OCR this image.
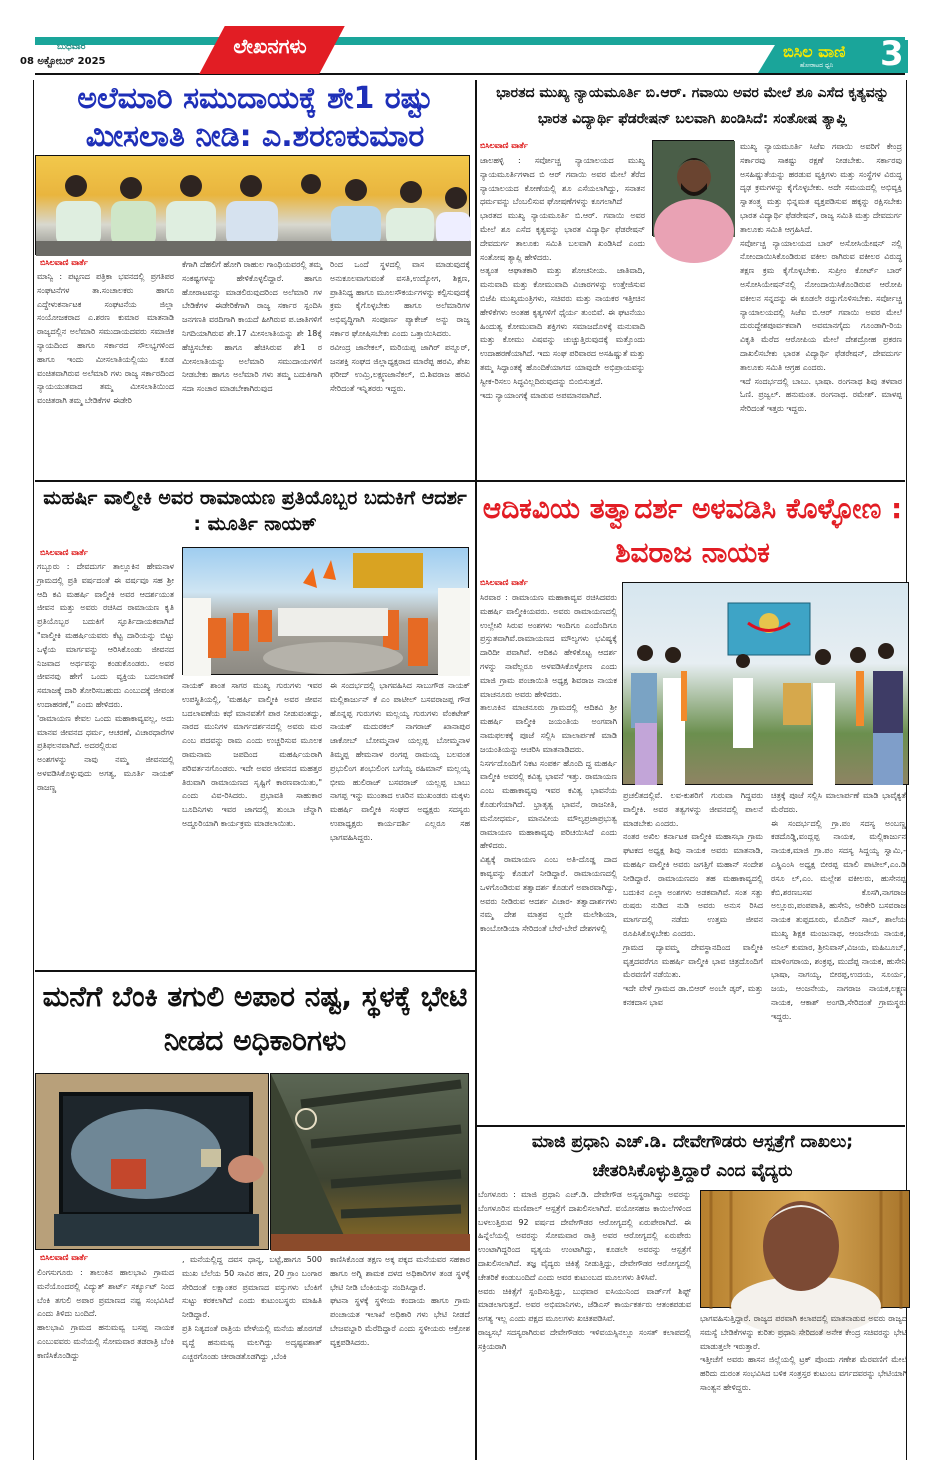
ಬುಧವಾರ
08 ಅಕ್ಟೋಬರ್ 2025
ಲೇಖನಗಳು	ಬಿಸಿಲ ವಾಣಿ
ಹೋರಾಟದ ಧ್ವನಿ 3
ಅಲೆಮಾರಿ ಸಮುದಾಯಕ್ಕೆ ಶೇ1 ರಷ್ಟು ಮೀಸಲಾತಿ ನೀಡಿ: ಎ.ಶರಣಕುಮಾರ
ಬಿಸಿಲವಾಣಿ ವಾರ್ತೆ
ಮಾನ್ವಿ : ಪಟ್ಟಣದ ಪತ್ರಿಕಾ ಭವನದಲ್ಲಿ ಪ್ರಗತಿಪರ ಸಂಘಟನೆಗಳ ತಾ.ಸಂಚಾಲಕರು ಹಾಗೂ ಎದ್ದೇಳುಕರ್ನಾಟಕ ಸಂಘಟನೆಯ ಜಿಲ್ಲಾ ಸಂಯೋಜಕರಾದ ಎ.ಶರಣ ಕುಮಾರ ಮಾತನಾಡಿ ರಾಜ್ಯದಲ್ಲಿನ ಅಲೆಮಾರಿ ಸಮುದಾಯದವರು ಸಮಾಜಿಕ ನ್ಯಾಯದಿಂದ ಹಾಗೂ ಸರ್ಕಾರದ ಸೌಲಭ್ಯಗಳಿಂದ ಹಾಗೂ ಇಂದು ಮೀಸಲಾತಿಯಲ್ಲಿಯು ಕೂಡ ವಂಚಿತವಾಗಿರುವ ಅಲೆಮಾರಿ ಗಳು ರಾಜ್ಯ ಸರ್ಕಾರದಿಂದ ನ್ಯಾಯಯುತವಾದ ತಮ್ಮ ಮೀಸಲಾತಿಯಿಂದ ವಂಚಿತರಾಗಿ ತಮ್ಮ ಬೇಡಿಕೆಗಳ ಈಡೇರಿ
ಕೆಗಾಗಿ ದೆಹಲಿಗೆ ಹೋಗಿ ರಾಹುಲ ಗಾಂಧಿಯವರಲ್ಲಿ ತಮ್ಮ ಸಂಕಷ್ಟಗಳನ್ನು ಹೇಳಿಕೊಳ್ಳಲಿದ್ದಾರೆ. ಹಾಗೂ ಹೋರಾಟವನ್ನು ಮಾಡಲಿರುವುದರಿಂದ ಅಲೆಮಾರಿ ಗಳ ಬೇಡಿಕೆಗಳ ಈಡೇರಿಕೆಗಾಗಿ ರಾಜ್ಯ ಸರ್ಕಾರ ಸ್ಪಂದಿಸಿ ಜನಗಣತಿ ವರದಿಗಾಗಿ ಕಾಯದೆ ಹೀಗಿರುವ ಪ.ಜಾತಿಗಳಿಗೆ ನಿಗದಿಯಾಗಿರುವ ಶೇ.17 ಮೀಸಲಾತಿಯನ್ನು ಶೇ 18ಕ್ಕೆ ಹೆಚ್ಚಿಸಬೇಕು ಹಾಗೂ ಹೆಚಿಸಿರುವ ಶೇ1 ರ ಮೀಸಲಾತಿಯನ್ನು ಅಲೆಮಾರಿ ಸಮುದಾಯಗಳಿಗೆ ನೀಡಬೇಕು ಹಾಗೂ ಅಲೆಮಾರಿ ಗಳು ತಮ್ಮ ಬದುಕಿಗಾಗಿ ಸದಾ ಸಂಚಾರ ಮಾಡಬೇಕಾಗಿರುವುದ
ರಿಂದ ಒಂದೆ ಸ್ಥಳದಲ್ಲಿ ವಾಸ ಮಾಡುವುದಕ್ಕೆ ಅನುಕೂಲವಾಗುವಂತೆ ವಸತಿ,ಉದ್ಯೋಗ, ಶಿಕ್ಷಣ, ಪ್ರಾತಿನಿಧ್ಯ ಹಾಗೂ ಮೂಲಸೌಕರ್ಯಗಳನ್ನು ಕಲ್ಪಿಸುವುದಕ್ಕೆ ಕ್ರಮ ಕೈಗೊಳ್ಳಬೇಕು ಹಾಗೂ ಅಲೆಮಾರಿಗಳ ಅಭಿವೃದ್ಧಿಗಾಗಿ ಸಂಪೂರ್ಣ ಪ್ಯಾಕೇಜ್ ಅನ್ನು ರಾಜ್ಯ ಸರ್ಕಾರ ಘೋಷಿಸಬೇಕು ಎಂದು ಒತ್ತಾಯಿಸಿದರು.
ರವೀಂದ್ರ ಜಾನೇಕಲ್, ಮರಿಯಪ್ಪ ಜಾಗಿರ್ ಪನ್ನೂರ್, ಜನಶಕ್ತಿ ಸಂಘದ ಜಿಲ್ಲಾಧ್ಯಕ್ಷರಾದ ಮಾರೆಪ್ಪ ಹರವಿ, ಶೇಖ ಫರೀದ್ ಉಮ್ರಿ,ಲಕ್ಷ್ಮಣಜಾನೆಕಲ್, ಬಿ.ಶಿವರಾಜ ಹರವಿ ಸೇರಿದಂತೆ ಇನ್ನಿತರರು ಇದ್ದರು.
ಭಾರತದ ಮುಖ್ಯ ನ್ಯಾಯಮೂರ್ತಿ ಬಿ.ಆರ್. ಗವಾಯಿ ಅವರ ಮೇಲೆ ಶೂ ಎಸೆದ ಕೃತ್ಯವನ್ನು ಭಾರತ ವಿದ್ಯಾರ್ಥಿ ಫೆಡರೇಷನ್ ಬಲವಾಗಿ ಖಂಡಿಸಿದೆ: ಸಂತೋಷ ತ್ಯಾಪ್ಲಿ
ಬಿಸಿಲವಾಣಿ ವಾರ್ತೆ
ಜಾಲಹಳ್ಳಿ : ಸರ್ವೋಚ್ಚ ನ್ಯಾಯಾಲಯದ ಮುಖ್ಯ ನ್ಯಾಯಮೂರ್ತಿಗಳಾದ ಬಿ ಆರ್ ಗವಾಯಿ ಅವರ ಮೇಲೆ ತೆರೆದ ನ್ಯಾಯಾಲಯದ ಕೋಣೆಯಲ್ಲಿ ಶೂ ಎಸೆಯಲಾಗಿದ್ದು, ಸನಾತನ ಧರ್ಮವನ್ನು ಬೆಂಬಲಿಸುವ ಘೋಷಣೆಗಳನ್ನು ಕೂಗಲಾಗಿದೆ
ಭಾರತದ ಮುಖ್ಯ ನ್ಯಾಯಮೂರ್ತಿ ಬಿ.ಆರ್. ಗವಾಯಿ ಅವರ ಮೇಲೆ ಶೂ ಎಸೆದ ಕೃತ್ಯವನ್ನು ಭಾರತ ವಿದ್ಯಾರ್ಥಿ ಫೆಡರೇಷನ್ ದೇವದುರ್ಗ ತಾಲೂಕು ಸಮಿತಿ ಬಲವಾಗಿ ಖಂಡಿಸಿದೆ ಎಂದು ಸಂತೋಷ ತ್ಯಾಪ್ಲಿ ಹೇಳಿದರು.
ಅತ್ಯಂತ ಆಘಾತಕಾರಿ ಮತ್ತು ಶೋಚನೀಯ. ಜಾತಿವಾದಿ, ಮನುವಾದಿ ಮತ್ತು ಕೋಮುವಾದಿ ವಿಚಾರಗಳನ್ನು ಉತ್ತೇಜಿಸುವ ಬಿಜೆಪಿ ಮುಖ್ಯಮಂತ್ರಿಗಳು, ಸಚಿವರು ಮತ್ತು ನಾಯಕರ ಇತ್ತೀಚಿನ ಹೇಳಿಕೆಗಳು ಅಂತಹ ಕೃತ್ಯಗಳಿಗೆ ಧೈರ್ಯ ತುಂಬಿವೆ. ಈ ಘಟನೆಯು ಹಿಂದುತ್ವ ಕೋಮುವಾದಿ ಶಕ್ತಿಗಳು ಸಮಾಜದೊಳಕ್ಕೆ ಮನುವಾದಿ ಮತ್ತು ಕೋಮು ವಿಷವನ್ನು ಚುಚ್ಚುತ್ತಿರುವುದಕ್ಕೆ ಮತ್ತೊಂದು ಉದಾಹರಣೆಯಾಗಿದೆ. ಇದು ಸಂಘ ಪರಿವಾರದ ಅಸಹಿಷ್ಣುತೆ ಮತ್ತು ತಮ್ಮ ಸಿದ್ಧಾಂತಕ್ಕೆ ಹೊಂದಿಕೆಯಾಗದ ಯಾವುದೇ ಅಭಿಪ್ರಾಯವನ್ನು ಸ್ವೀಕ-ರಿಸಲು ಸಿದ್ಧವಿಲ್ಲದಿರುವುದನ್ನು ಬಿಂಬಿಸುತ್ತದೆ.
ಇದು ನ್ಯಾಯಾಂಗಕ್ಕೆ ಮಾಡುವ ಅಪಮಾನವಾಗಿದೆ.
ಮುಖ್ಯ ನ್ಯಾಯಮೂರ್ತಿ ಸಿಜೆಐ ಗವಾಯಿ ಅವರಿಗೆ ಕೇಂದ್ರ ಸರ್ಕಾರವು ಸಾಕಷ್ಟು ರಕ್ಷಣೆ ನೀಡಬೇಕು. ಸರ್ಕಾರವು ಅಸಹಿಷ್ಣುತೆಯನ್ನು ಹರಡುವ ವ್ಯಕ್ತಿಗಳು ಮತ್ತು ಸಂಸ್ಥೆಗಳ ವಿರುದ್ಧ ದೃಢ ಕ್ರಮಗಳನ್ನು ಕೈಗೊಳ್ಳಬೇಕು. ಅದೇ ಸಮಯದಲ್ಲಿ ಅಭಿವ್ಯಕ್ತಿ ಸ್ವಾತಂತ್ರ್ಯ ಮತ್ತು ಭಿನ್ನಮತ ವ್ಯಕ್ತಪಡಿಸುವ ಹಕ್ಕನ್ನು ರಕ್ಷಿಸಬೇಕು ಭಾರತ ವಿದ್ಯಾರ್ಥಿ ಫೆಡರೇಷನ್, ರಾಜ್ಯ ಸಮಿತಿ ಮತ್ತು ದೇವದುರ್ಗ ತಾಲೂಕು ಸಮಿತಿ ಆಗ್ರಹಿಸಿದೆ.
ಸರ್ವೋಚ್ಚ ನ್ಯಾಯಾಲಯದ ಬಾರ್ ಅಸೋಸಿಯೇಷನ್ ನಲ್ಲಿ ನೋಂದಾಯಿಸಿಕೊಂಡಿರುವ ವಕೀಲ ರಾಗಿರುವ ವಕೀಲರ ವಿರುದ್ಧ ತಕ್ಷಣ ಕ್ರಮ ಕೈಗೊಳ್ಳಬೇಕು. ಸುಪ್ರೀಂ ಕೋರ್ಟ್ ಬಾರ್ ಅಸೋಸಿಯೇಷನ್‌ನಲ್ಲಿ ನೋಂದಾಯಿಸಿಕೊಂಡಿರುವ ಆರೋಪಿ ವಕೀಲನ ಸನ್ನದನ್ನು ಈ ಕೂಡಲೇ ರದ್ದುಗೊಳಿಸಬೇಕು. ಸರ್ವೋಚ್ಚ ನ್ಯಾಯಾಲಯದಲ್ಲಿ ಸಿಜೆಐ ಬಿ.ಆರ್ ಗವಾಯಿ ಅವರ ಮೇಲೆ ದುರುದ್ದೇಶಪೂರ್ವಕವಾಗಿ ಅವಮಾನಗೈದು ಗೂಂಡಾಗಿ-ರಿಯ ವಿಕೃತಿ ಮೆರೆದ ಆರೋಪಿಯ ಮೇಲೆ ದೇಶದ್ರೋಹ ಪ್ರಕರಣ ದಾಖಲಿಸಬೇಕು ಭಾರತ ವಿದ್ಯಾರ್ಥಿ ಫೆಡರೇಷನ್, ದೇವದುರ್ಗ ತಾಲೂಕು ಸಮಿತಿ ಆಗ್ರಹ ಎಂದರು.
ಇದೆ ಸಂದರ್ಭದಲ್ಲಿ ಬಾಬು. ಭಾಷಾ. ರಂಗನಾಥ ಶಿವು ತಳವಾರ ಓಣಿ. ಪ್ರಜ್ವಲ್. ಹನುಮಂತ. ರಂಗನಾಥ. ರಮೇಶ್. ಮಾಳಪ್ಪ ಸೇರಿದಂತೆ ಇತ್ತರು ಇದ್ದರು.
ಮಹರ್ಷಿ ವಾಲ್ಮೀಕಿ ಅವರ ರಾಮಾಯಣ ಪ್ರತಿಯೊಬ್ಬರ ಬದುಕಿಗೆ ಆದರ್ಶ : ಮೂರ್ತಿ ನಾಯಕ್
ಬಿಸಿಲವಾಣಿ ವಾರ್ತೆ
ಗಬ್ಬೂರು : ದೇವದುರ್ಗ ತಾಲ್ಲೂಕಿನ ಹೇಮನಾಳ ಗ್ರಾಮದಲ್ಲಿ ಪ್ರತಿ ವರ್ಷದಂತೆ ಈ ವರ್ಷವೂ ಸಹ ಶ್ರೀ ಆದಿ ಕವಿ ಮಹರ್ಷಿ ವಾಲ್ಮೀಕಿ ಅವರ ಆದರ್ಶಯುತ ಜೀವನ ಮತ್ತು ಅವರು ರಚಿಸಿದ ರಾಮಾಯಣ ಕೃತಿ ಪ್ರತಿಯೊಬ್ಬರ ಬದುಕಿಗೆ ಸ್ಫೂರ್ತಿದಾಯಕವಾಗಿದೆ "ವಾಲ್ಮೀಕಿ ಮಹರ್ಷಿಯವರು ಕೆಟ್ಟ ದಾರಿಯನ್ನು ಬಿಟ್ಟು ಒಳ್ಳೆಯ ಮಾರ್ಗವನ್ನು ಆರಿಸಿಕೊಂಡು ಜೀವನದ ನಿಜವಾದ ಅರ್ಥವನ್ನು ಕಂಡುಕೊಂಡರು. ಅವರ ಜೀವನವು ಹೇಗೆ ಒಂದು ವ್ಯಕ್ತಿಯ ಬದಲಾವಣೆ ಸಮಾಜಕ್ಕೆ ದಾರಿ ತೋರಿಸಬಹುದು ಎಂಬುದಕ್ಕೆ ಜೀವಂತ ಉದಾಹರಣೆ," ಎಂದು ಹೇಳಿದರು.
'ರಾಮಾಯಣ ಕೇವಲ ಒಂದು ಮಹಾಕಾವ್ಯವಲ್ಲ, ಅದು ಮಾನವ ಜೀವನದ ಧರ್ಮ, ಆಚರಣೆ, ವಿಚಾರಧಾರೆಗಳ ಪ್ರತಿಫಲನವಾಗಿದೆ. ಅದರಲ್ಲಿರುವ
ಅಂಶಗಳನ್ನು ನಾವು ನಮ್ಮ ಜೀವನದಲ್ಲಿ ಅಳವಡಿಸಿಕೊಳ್ಳುವುದು ಅಗತ್ಯ, ಮೂರ್ತಿ ನಾಯಕ್ ರಾಜಣ್ಣ
ನಾಯಕ್ ಶಾಂತ ಸಾಗರ ಮುಖ್ಯ ಗುರುಗಳು ಇವರ ಉಪಸ್ಥಿತಿಯಲ್ಲಿ, 'ಮಹರ್ಷಿ ವಾಲ್ಮೀಕಿ ಅವರ ಜೀವನ ಬದಲಾವಣೆಯ ಕಥೆ ಮಾನವತೆಗೆ ಪಾಠ ನೀಡುವಂತದ್ದು, ನಾರದ ಮುನಿಗಳ ಮಾರ್ಗದರ್ಶನದಲ್ಲಿ ಅವರು ಮರ ಎಂಬ ಪದವನ್ನು ರಾಮ ಎಂದು ಉಚ್ಚರಿಸುವ ಮೂಲಕ ರಾಮನಾಮ ಜಪದಿಂದ ಮಹರ್ಷಿಯರಾಗಿ ಪರಿವರ್ತನಗೊಂಡರು. ಇದೇ ಅವರ ಜೀವನದ ಮಹತ್ತರ ತಿರುವಾಗಿ ರಾಮಾಯಣದ ಸೃಷ್ಟಿಗೆ ಕಾರಣವಾಯಿತು," ಎಂದು ವಿವ-ರಿಸಿದರು. ಪ್ರಭಾವತಿ ಸಾಹುಕಾರ ಬೂದಿನಿಗಳು ಇವರ ಜಾಗದಲ್ಲಿ ತುಂಬಾ ಚೆನ್ನಾಗಿ ಅದ್ದೂರಿಯಾಗಿ ಕಾರ್ಯಕ್ರಮ ಮಾಡಲಾಯಿತು.
ಈ ಸಂದರ್ಭದಲ್ಲಿ ಭಾಗವಹಿಸಿದ ಸಾಬುಗೌಡ ನಾಯಕ್ ಮಲ್ಲಿಕಾರ್ಜುನ್ ಕೆ ಎಂ ಪಾಟೀಲ್ ಬಸವರಾಜಪ್ಪ ಗೌಡ ಹೊನ್ನಪ್ಪ ಗುರುಗಳು ಮಲ್ಲಯ್ಯ ಗುರುಗಳು ವೆಂಕಟೇಶ್ ನಾಯಕ್ ಮದುರಕಲ್ ನಾಗರಾಜ್ ಖಾನಾಪುರ ಜಾಕೋಬ್ ಬೋಮ್ಮನಾಳ ಯಲ್ಲಪ್ಪ ಬೋಮ್ಮನಾಳ ತಿಮ್ಮಪ್ಪ ಹೇಮನಾಳ ರಂಗಪ್ಪ ರಾಮಯ್ಯ ಬಲವಂತ ಪ್ರಭುಲಿಂಗ ಶಂಭುಲಿಂಗ ಬಗೆಯ್ಯ ರಹಿಮಾನ್ ಮಲ್ಲಯ್ಯ ಭೀಮ ಹುಲಿರಾಜ್ ಬಸವರಾಜ್ ಯಲ್ಲಪ್ಪ ಬಾಬು ನಾಗಪ್ಪ ಇನ್ನು ಮುಂತಾದ ಊರಿನ ಮುಖಂಡರು ಮಕ್ಕಳು ಮಹರ್ಷಿ ವಾಲ್ಮೀಕಿ ಸಂಘದ ಅಧ್ಯಕ್ಷರು ಸದಸ್ಯರು ಉಪಾಧ್ಯಕ್ಷರು ಕಾರ್ಯದರ್ಶಿ ಎಲ್ಲರೂ ಸಹ ಭಾಗವಹಿಸಿದ್ದರು.
ಆದಿಕವಿಯ ತತ್ವಾದರ್ಶ ಅಳವಡಿಸಿ ಕೊಳ್ಳೋಣ : ಶಿವರಾಜ ನಾಯಕ
ಬಿಸಿಲವಾಣಿ ವಾರ್ತೆ
ಸಿರವಾರ : ರಾಮಾಯಣ ಮಹಾಕಾವ್ಯವ ರಚಿಸಿದವರು ಮಹರ್ಷಿ ವಾಲ್ಮೀಕಿಯವರು. ಅವರು ರಾಮಾಯಣದಲ್ಲಿ ಉಲ್ಲೇಖಿ ಸಿರುವ ಅಂಶಗಳು ಇಂದಿಗೂ ಎಂದೆಂದಿಗೂ ಪ್ರಸ್ತುತವಾಗಿವೆ.ರಾಮಾಯಣದ ಮೌಲ್ಯಗಳು ಭವಿಷ್ಯಕ್ಕೆ ದಾರಿದೀ ಪವಾಗಿವೆ. ಆದಿಕವಿ ಹೇಳಿಕೊಟ್ಟ ಆದರ್ಶ ಗಳನ್ನು ನಾವೆಲ್ಲರೂ ಅಳವಡಿಸಿಕೊಳ್ಳೋಣ ಎಂದು ಮಾಜಿ ಗ್ರಾಮ ಪಂಚಾಯಿತಿ ಅಧ್ಯಕ್ಷ ಶಿವರಾಜ ನಾಯಕ ಮಾಚನೂರು ಅವರು ಹೇಳಿದರು.
ತಾಲೂಕಿನ ಮಾಚನೂರು ಗ್ರಾಮದಲ್ಲಿ ಆದಿಕವಿ ಶ್ರೀ ಮಹರ್ಷಿ ವಾಲ್ಮೀಕಿ ಜಯಂತಿಯ ಅಂಗವಾಗಿ ನಾಮಫಲಕಕ್ಕೆ ಪೂಜೆ ಸಲ್ಲಿಸಿ ಮಾಲಾರ್ಪಣೆ ಮಾಡಿ ಜಯಂತಿಯನ್ನು ಆಚರಿಸಿ ಮಾತನಾಡಿದರು.
ನಿಸರ್ಗದೊಂದಿಗೆ ನಿಕಟ ಸಂಪರ್ಕ ಹೊಂದಿ ದ್ದ ಮಹರ್ಷಿ ವಾಲ್ಮೀಕಿ ಅವರಲ್ಲಿ ಕವಿತ್ವ ಭಾವನೆ ಇತ್ತು. ರಾಮಾಯಣ ಎಂಬ ಮಹಾಕಾವ್ಯವು ಇವರ ಕವಿತ್ವ ಭಾವನೆಯ ಕೊಡುಗೆಯಾಗಿದೆ. ಭ್ರಾತೃತ್ವ ಭಾವನೆ, ರಾಜನೀತಿ, ಮನೋಧರ್ಮ, ಮಾನವೀಯ ಮೌಲ್ಯಪ್ರಜಾಪ್ರಭುತ್ವ ರಾಮಾಯಣ ಮಹಾಕಾವ್ಯವು ಪರಿಚಯಿಸಿದೆ ಎಂದು ಹೇಳಿದರು.
ವಿಶ್ವಕ್ಕೆ ರಾಮಾಯಣ ಎಂಬ ಅತಿ-ದೊಡ್ಡ ದಾದ ಕಾವ್ಯವನ್ನು ಕೊಡುಗೆ ನೀಡಿದ್ದಾರೆ. ರಾಮಾಯಣದಲ್ಲಿ ಒಳಗೊಂಡಿರುವ ತತ್ವಾದರ್ಶ ಕೊಡುಗೆ ಅಪಾರವಾಗಿದ್ದು, ಅವರು ನೀಡಿರುವ ಆದರ್ಶ ವಿಚಾರ- ತತ್ವಾದಾರ್ಶಗಳು ನಮ್ಮ ದೇಶ ಮಾತ್ರವ ಲ್ಲದೇ ಮಲೇಶಿಯಾ, ಕಾಂಬೋಡಿಯಾ ಸೇರಿದಂತೆ ಬೇರೆ-ಬೇರೆ ದೇಶಗಳಲ್ಲಿ
ಪ್ರಚಲಿತದಲ್ಲಿವೆ. ಲವ-ಕುಶರಿಗೆ ಗುರುವಾ ಗಿದ್ದವರು ವಾಲ್ಮೀಕಿ. ಅವರ ತತ್ವಗಳನ್ನು ಜೀವನದಲ್ಲಿ ಪಾಲನೆ ಮಾಡಬೇಕು ಎಂದರು.
ನಂತರ ಅಖಿಲ ಕರ್ನಾಟಕ ವಾಲ್ಮೀಕಿ ಮಹಾಸಭಾ ಗ್ರಾಮ ಘಟಕದ ಅಧ್ಯಕ್ಷ ಶಿವು ನಾಯಕ ಅವರು ಮಾತನಾಡಿ, ಮಹರ್ಷಿ ವಾಲ್ಮೀಕಿ ಅವರು ಜಗತ್ತಿಗೆ ಮಹಾನ್ ಸಂದೇಶ ನೀಡಿದ್ದಾರೆ. ರಾಮಾಯಣದಂ ತಹ ಮಹಾಕಾವ್ಯದಲ್ಲಿ ಬದುಕಿನ ಎಲ್ಲಾ ಅಂಶಗಳು ಅಡಕವಾಗಿವೆ. ಸಂತ ಸತ್ಪು ರುಷರು ನುಡಿದ ನುಡಿ ಅವರು ಅನುಸ ರಿಸಿದ ಮಾರ್ಗದಲ್ಲಿ ನಡೆದು ಉತ್ತಮ ಜೀವನ ರೂಪಿಸಿಕೊಳ್ಳಬೇಕು ಎಂದರು.
ಗ್ರಾಮದ ದ್ಯಾವಮ್ಮ ದೇವಸ್ಥಾನದಿಂದ ವಾಲ್ಮೀಕಿ ವೃತ್ತದವರೆಗೂ ಮಹರ್ಷಿ ವಾಲ್ಮೀಕಿ ಭಾವ ಚಿತ್ರದೊಂದಿಗೆ ಮೆರವಣಿಗೆ ನಡೆಯಿತು.
ಇದೇ ವೇಳೆ ಗ್ರಾಮದ ಡಾ.ಬಿಆರ್ ಅಂಬೇ ಡ್ಕರ್, ಮತ್ತು ಕನಕದಾಸ ಭಾವ
ಚಿತ್ರಕ್ಕೆ ಪೂಜೆ ಸಲ್ಲಿಸಿ ಮಾಲಾರ್ಪಣೆ ಮಾಡಿ ಭಾವೈಕ್ಯತೆ ಮೆರೆದರು.
ಈ ಸಂದರ್ಭದಲ್ಲಿ ಗ್ರಾ.ಪಂ ಸದಸ್ಯ ಅಂಬಣ್ಣ ಕಡದೊಡ್ಡಿ,ವಂದ್ಲಪ್ಪ ನಾಯಕ, ಮಲ್ಲಿಕಾರ್ಜುನ ನಾಯಕ,ಮಾಜಿ ಗ್ರಾ.ಪಂ ಸದಸ್ಯ ಸಿದ್ದಯ್ಯ ಸ್ವಾಮಿ,-ಎಸ್ಡಿಎಂಸಿ ಅಧ್ಯಕ್ಷ ಬೀರಪ್ಪ ಮಾಲಿ ಪಾಟೀಲ್,ಎಂ.ಡಿ ರಸೂ ಲ್,ಎಂ. ಮಲ್ಲೇಶ ವಕೀಲರು, ಹುಸೇನಪ್ಪ ಕೆಬಿ,ಶರಣಬಸವ ಕೊಸಗಿ,ನಾಗರಾಜ ಅಲ್ಲೂರು,ಪಂಪಪಾತಿ, ಹುಸೇನಿ, ಅರಿಕೇರಿ ಬಸವರಾಜ ನಾಯಕ ತುಪ್ಪದೂರು, ಮೊದಿನ್ ಸಾಬ್, ಶಾಲೆಯ ಮುಖ್ಯ ಶಿಕ್ಷಕ ಮಂಜುನಾಥ, ಆಂಜನೇಯ ನಾಯಕ, ಅನಿಲ್ ಕುಮಾರ, ಶ್ರೀನಿವಾಸ್,ವಿಜಯ, ಮಹಿಬೂಬ್, ಮಾಳಿಂಗರಾಯ, ಶಂಕ್ರಪ್ಪ, ಮುದೆಪ್ಪ ನಾಯಕ, ಹುಸೇನಿ ಭಾಷಾ, ನಾಗಯ್ಯ, ಬೀರಪ್ಪ,ಉದಯ, ಸೂರ್ಯ, ಜಯ, ಆಂಜನೇಯ, ನಾಗರಾಜ ನಾಯಕ,ಲಕ್ಷ್ಮಣ ನಾಯಕ, ಆಕಾಶ್ ಅಂಗಡಿ,ಸೇರಿದಂತೆ ಗ್ರಾಮಸ್ಥರು ಇದ್ದರು.
ಮನೆಗೆ ಬೆಂಕಿ ತಗುಲಿ ಅಪಾರ ನಷ್ಟ, ಸ್ಥಳಕ್ಕೆ ಭೇಟಿ ನೀಡದ ಅಧಿಕಾರಿಗಳು
ಬಿಸಿಲವಾಣಿ ವಾರ್ತೆ
ಲಿಂಗಸುಗೂರು : ತಾಲುಕಿನ ಹಾಲಭಾವಿ ಗ್ರಾಮದ ಮನೆಯೊಂದರಲ್ಲಿ ವಿದ್ಯುತ್ ಶಾರ್ಟ್ ಸರ್ಕ್ಯೂಟ್ ನಿಂದ ಬೆಂಕಿ ತಗುಲಿ ಅಪಾರ ಪ್ರಮಾಣದ ನಷ್ಟ ಸಂಭವಿಸಿದೆ ಎಂದು ತಿಳಿದು ಬಂದಿದೆ.
ಹಾಲಭಾವಿ ಗ್ರಾಮದ ಹನುಮವ್ವ ಬಸಪ್ಪ ನಾಯಕ ಎಂಬುವವರು ಮನೆಯಲ್ಲಿ ಸೋಮವಾರ ತಡರಾತ್ರಿ ಬೆಂಕಿ ಕಾಣಿಸಿಕೊಂಡಿದ್ದು
, ಮನೆಯಲ್ಲಿದ್ದ ದವಸ ಧಾನ್ಯ, ಬಟ್ಟೆ,ಹಾಗೂ 500 ಮುಖ ಬೆಲೆಯ 50 ಸಾವಿರ ಹಣ, 20 ಗ್ರಾಂ ಬಂಗಾರ ಸೇರಿದಂತೆ ಲಕ್ಷಾಂತರ ಪ್ರಮಾಣದ ವಸ್ತುಗಳು ಬೆಂಕಿಗೆ ಸುಟ್ಟು ಕರಕಲಾಗಿದೆ ಎಂದು ಕುಟುಂಬಸ್ಥರು ಮಾಹಿತಿ ನೀಡಿದ್ದಾರೆ.
ಪ್ರತಿ ನಿತ್ಯದಂತೆ ರಾತ್ರಿಯ ವೇಳೆಯಲ್ಲಿ ಮನೆಯ ಹೊರಗಡೆ ವೃದ್ದೆ ಹನುಮವ್ವ ಮಲಗಿದ್ದು ಅದೃಷ್ಟವಶಾತ್ ಎಚ್ಚರಗೊಂಡು ಚೀರಾಡತೊಡಗಿದ್ದು ,ಬೆಂಕಿ
ಕಾಣಿಸಿಕೊಂಡ ತಕ್ಷಣ ಅಕ್ಕ ಪಕ್ಕದ ಮನೆಯವರ ಸಹಕಾರ ಹಾಗೂ ಅಗ್ನಿ ಶಾಮಕ ದಳದ ಅಧಿಕಾರಿಗಳ ತಂಡ ಸ್ಥಳಕ್ಕೆ ಭೇಟಿ ನೀಡಿ ಬೆಂಕಿಯನ್ನು ನಂದಿಸಿದ್ದಾರೆ.
ಘಟನಾ ಸ್ಥಳಕ್ಕೆ ಸ್ಥಳೀಯ ಕಂದಾಯ ಹಾಗೂ ಗ್ರಾಮ ಪಂಚಾಯತ ಇಲಾಖೆ ಅಧಿಕಾರಿ ಗಳು ಭೇಟಿ ನೀಡದೆ ಬೇಜವಬ್ದಾರಿ ಮೆರೆದಿದ್ದಾರೆ ಎಂದು ಸ್ಥಳೀಯರು ಆಕ್ರೋಶ ವ್ಯಕ್ತಪಡಿಸಿದರು.
ಮಾಜಿ ಪ್ರಧಾನಿ ಎಚ್.ಡಿ. ದೇವೇಗೌಡರು ಆಸ್ಪತ್ರೆಗೆ ದಾಖಲು; ಚೇತರಿಸಿಕೊಳ್ಳುತ್ತಿದ್ದಾರೆ ಎಂದ ವೈದ್ಯರು
ಬೆಂಗಳೂರು : ಮಾಜಿ ಪ್ರಧಾನಿ ಎಚ್.ಡಿ. ದೇವೇಗೌಡ ಅಸ್ವಸ್ಥರಾಗಿದ್ದು ಅವರನ್ನು ಬೆಂಗಳೂರಿನ ಮಣಿಪಾಲ್ ಆಸ್ಪತ್ರೆಗೆ ದಾಖಲಿಸಲಾಗಿದೆ. ವಯೋಸಹಜ ಕಾಯಿಲೆಗಳಿಂದ ಬಳಲುತ್ತಿರುವ 92 ವರ್ಷದ ದೇವೇಗೌಡರ ಆರೋಗ್ಯದಲ್ಲಿ ಏರುಪೇರಾಗಿದೆ. ಈ ಹಿನ್ನೆಲೆಯಲ್ಲಿ ಅವರನ್ನು ಸೋಮವಾರ ರಾತ್ರಿ ಅವರ ಆರೋಗ್ಯದಲ್ಲಿ ಏರುಪೇರು ಉಂಟಾಗಿದ್ದರಿಂದ ವ್ಯತ್ಯಯ ಉಂಟಾಗಿದ್ದು, ಕೂಡಲೇ ಅವರನ್ನು ಆಸ್ಪತ್ರೆಗೆ ದಾಖಲಿಸಲಾಗಿದೆ. ತಜ್ಞ ವೈದ್ಯರು ಚಿಕಿತ್ಸೆ ನೀಡುತ್ತಿದ್ದು, ದೇವೇಗೌಡರ ಆರೋಗ್ಯದಲ್ಲಿ ಚೇತರಿಕೆ ಕಂಡುಬಂದಿದೆ ಎಂದು ಅವರ ಕುಟುಂಬದ ಮೂಲಗಳು ತಿಳಿಸಿವೆ.
ಅವರು ಚಿಕಿತ್ಸೆಗೆ ಸ್ಪಂದಿಸುತ್ತಿದ್ದು, ಬುಧವಾರ ಐಸಿಯುನಿಂದ ವಾರ್ಡ್‌ಗೆ ಶಿಫ್ಟ್ ಮಾಡಲಾಗುತ್ತದೆ. ಅವರ ಅಭಿಮಾನಿಗಳು, ಜೆಡಿಎಸ್ ಕಾರ್ಯಕರ್ತರು ಆತಂಕಪಡುವ ಅಗತ್ಯ ಇಲ್ಲ ಎಂದು ಪಕ್ಷದ ಮೂಲಗಳು ಖಚಿತಪಡಿಸಿವೆ.
ರಾಜ್ಯಸಭೆ ಸದಸ್ಯರಾಗಿರುವ ದೇವೇಗೌಡರು ಇಳಿವಯಸ್ಸಿನಲ್ಲೂ ಸಂಸತ್ ಕಲಾಪದಲ್ಲಿ ಸಕ್ರಿಯರಾಗಿ
ಭಾಗವಹಿಸುತ್ತಿದ್ದಾರೆ. ರಾಜ್ಯದ ಪರವಾಗಿ ಕಲಾಪದಲ್ಲಿ ಮಾತನಾಡುವ ಅವರು ರಾಜ್ಯದ ಸಮಸ್ಯೆ ಬೇಡಿಕೆಗಳನ್ನು ಕುರಿತು ಪ್ರಧಾನಿ ಸೇರಿದಂತೆ ಅನೇಕ ಕೇಂದ್ರ ಸಚಿವರನ್ನು ಭೇಟಿ ಮಾಡುತ್ತಲೇ ಇರುತ್ತಾರೆ.
ಇತ್ತೀಚೆಗೆ ಅವರು ಹಾಸನ ಜಿಲ್ಲೆಯಲ್ಲಿ ಟ್ರಕ್ ಪೊಂದು ಗಣೇಶ ಮೆರವಣಿಗೆ ಮೇಲೆ ಹರಿದು ದುರಂತ ಸಂಭವಿಸಿದ ಬಳಿಕ ಸಂತ್ರಸ್ತರ ಕುಟುಂಬ ವರ್ಗದವರನ್ನು ಭೇಟಿಯಾಗಿ ಸಾಂತ್ವನ ಹೇಳಿದ್ದರು.
